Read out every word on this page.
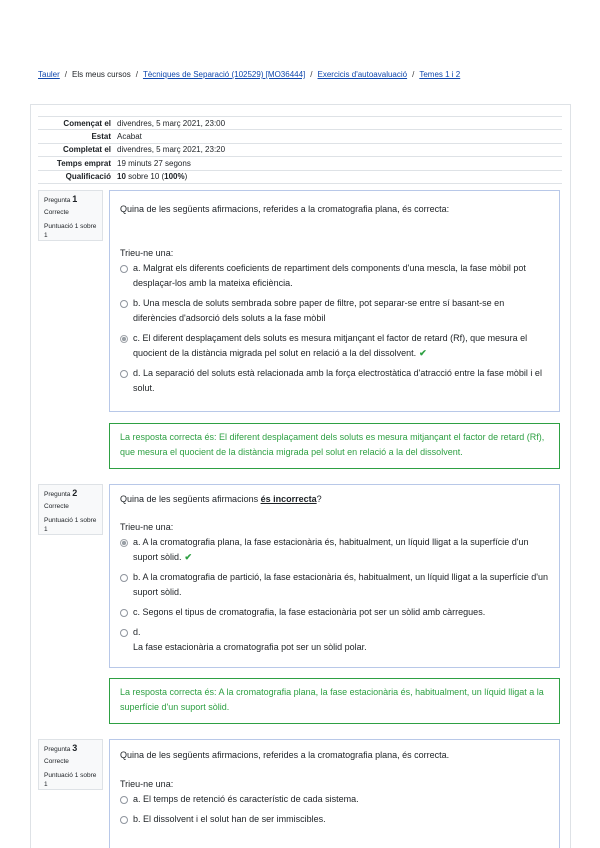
Tauler / Els meus cursos / Tècniques de Separació (102529) [MO36444] / Exercicis d'autoavaluació / Temes 1 i 2
Començat el	divendres, 5 març 2021, 23:00
Estat	Acabat
Completat el	divendres, 5 març 2021, 23:20
Temps emprat	19 minuts 27 segons
Qualificació	10 sobre 10 (100%)
Pregunta 1
Correcte
Puntuació 1 sobre 1
Quina de les següents afirmacions, referides a la cromatografia plana, és correcta:
Trieu-ne una:
a. Malgrat els diferents coeficients de repartiment dels components d'una mescla, la fase mòbil pot desplaçar-los amb la mateixa eficiència.
b. Una mescla de soluts sembrada sobre paper de filtre, pot separar-se entre sí basant-se en diferències d'adsorció dels soluts a la fase mòbil
c. El diferent desplaçament dels soluts es mesura mitjançant el factor de retard (Rf), que mesura el quocient de la distància migrada pel solut en relació a la del dissolvent. ✔
d. La separació del soluts està relacionada amb la força electrostàtica d'atracció entre la fase mòbil i el solut.
La resposta correcta és: El diferent desplaçament dels soluts es mesura mitjançant el factor de retard (Rf), que mesura el quocient de la distància migrada pel solut en relació a la del dissolvent.
Pregunta 2
Correcte
Puntuació 1 sobre 1
Quina de les següents afirmacions és incorrecta?
Trieu-ne una:
a. A la cromatografia plana, la fase estacionària és, habitualment, un líquid lligat a la superfície d'un suport sòlid. ✔
b. A la cromatografia de partició, la fase estacionària és, habitualment, un líquid lligat a la superfície d'un suport sòlid.
c. Segons el tipus de cromatografia, la fase estacionària pot ser un sòlid amb càrregues.
d.
La fase estacionària a cromatografia pot ser un sòlid polar.
La resposta correcta és: A la cromatografia plana, la fase estacionària és, habitualment, un líquid lligat a la superfície d'un suport sòlid.
Pregunta 3
Correcte
Puntuació 1 sobre 1
Quina de les següents afirmacions, referides a la cromatografia plana, és correcta.
Trieu-ne una:
a. El temps de retenció és característic de cada sistema.
b. El dissolvent i el solut han de ser immiscibles.
